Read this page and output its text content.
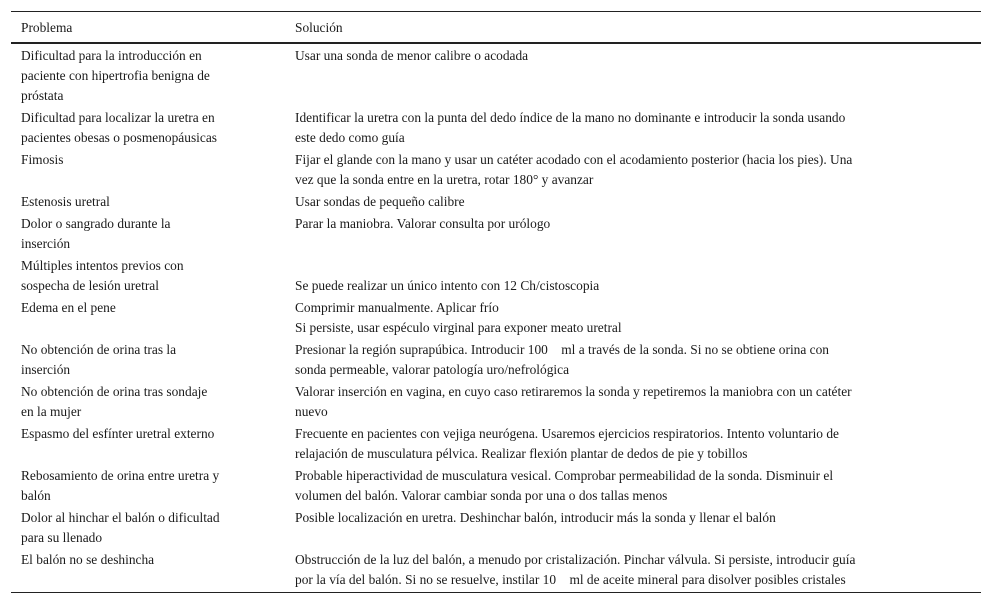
Problema	Solución

Dificultad para la introducción en
paciente con hipertrofia benigna de
próstata	Usar una sonda de menor calibre o acodada

Dificultad para localizar la uretra en
pacientes obesas o posmenopáusicas	Identificar la uretra con la punta del dedo índice de la mano no dominante e introducir la sonda usando
este dedo como guía

Fimosis	Fijar el glande con la mano y usar un catéter acodado con el acodamiento posterior (hacia los pies). Una
vez que la sonda entre en la uretra, rotar 180° y avanzar

Estenosis uretral	Usar sondas de pequeño calibre

Dolor o sangrado durante la
inserción	Parar la maniobra. Valorar consulta por urólogo

Múltiples intentos previos con
sospecha de lesión uretral	Se puede realizar un único intento con 12 Ch/cistoscopia

Edema en el pene	Comprimir manualmente. Aplicar frío
Si persiste, usar espéculo virginal para exponer meato uretral

No obtención de orina tras la
inserción	Presionar la región suprapúbica. Introducir 100    ml a través de la sonda. Si no se obtiene orina con
sonda permeable, valorar patología uro/nefrológica

No obtención de orina tras sondaje
en la mujer	Valorar inserción en vagina, en cuyo caso retiraremos la sonda y repetiremos la maniobra con un catéter
nuevo

Espasmo del esfínter uretral externo	Frecuente en pacientes con vejiga neurógena. Usaremos ejercicios respiratorios. Intento voluntario de
relajación de musculatura pélvica. Realizar flexión plantar de dedos de pie y tobillos

Rebosamiento de orina entre uretra y
balón	Probable hiperactividad de musculatura vesical. Comprobar permeabilidad de la sonda. Disminuir el
volumen del balón. Valorar cambiar sonda por una o dos tallas menos

Dolor al hinchar el balón o dificultad
para su llenado	Posible localización en uretra. Deshinchar balón, introducir más la sonda y llenar el balón

El balón no se deshincha	Obstrucción de la luz del balón, a menudo por cristalización. Pinchar válvula. Si persiste, introducir guía
por la vía del balón. Si no se resuelve, instilar 10    ml de aceite mineral para disolver posibles cristales
